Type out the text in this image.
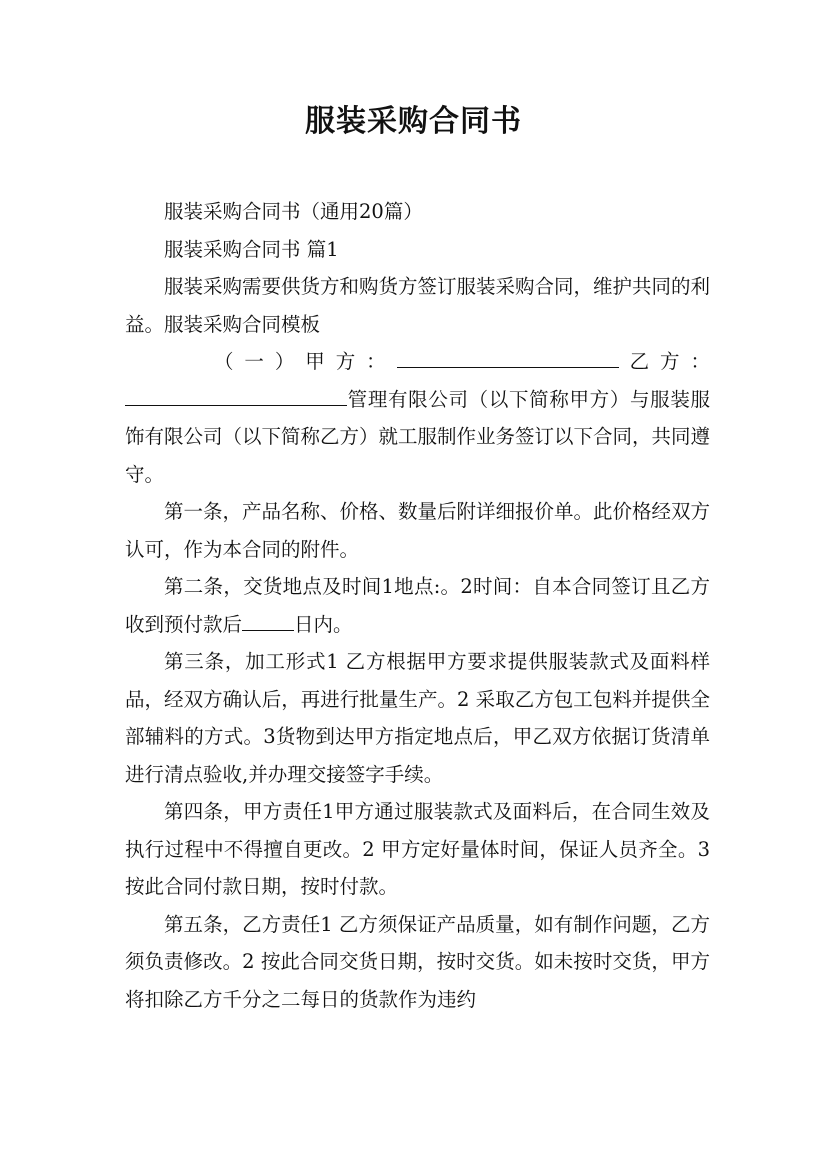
服装采购合同书

服装采购合同书（通用20篇）

服装采购合同书 篇1

服装采购需要供货方和购货方签订服装采购合同，维护共同的利益。服装采购合同模板

（一）甲方：	乙方：

管理有限公司（以下简称甲方）与服装服饰有限公司（以下简称乙方）就工服制作业务签订以下合同，共同遵守。

第一条，产品名称、价格、数量后附详细报价单。此价格经双方认可，作为本合同的附件。

第二条，交货地点及时间1地点:。2时间：自本合同签订且乙方收到预付款后	日内。

第三条，加工形式1 乙方根据甲方要求提供服装款式及面料样品，经双方确认后，再进行批量生产。2 采取乙方包工包料并提供全部辅料的方式。3货物到达甲方指定地点后，甲乙双方依据订货清单进行清点验收,并办理交接签字手续。

第四条，甲方责任1甲方通过服装款式及面料后，在合同生效及执行过程中不得擅自更改。2 甲方定好量体时间，保证人员齐全。3 按此合同付款日期，按时付款。

第五条，乙方责任1 乙方须保证产品质量，如有制作问题，乙方须负责修改。2 按此合同交货日期，按时交货。如未按时交货，甲方将扣除乙方千分之二每日的货款作为违约
